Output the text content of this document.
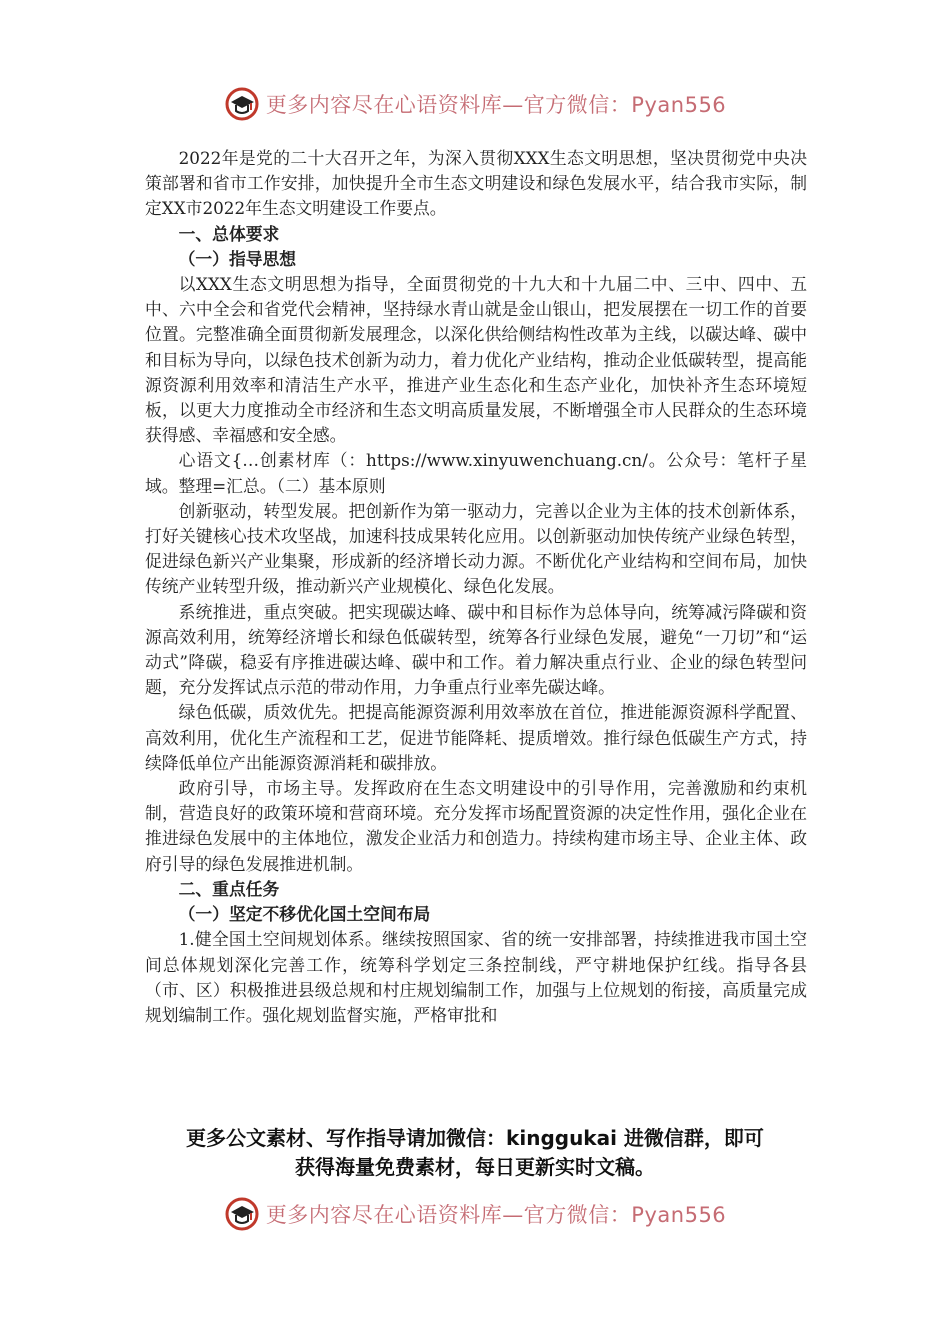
更多内容尽在心语资料库—官方微信：Pyan556

2022年是党的二十大召开之年，为深入贯彻XXX生态文明思想，坚决贯彻党中央决策部署和省市工作安排，加快提升全市生态文明建设和绿色发展水平，结合我市实际，制定XX市2022年生态文明建设工作要点。

一、总体要求

（一）指导思想

以XXX生态文明思想为指导，全面贯彻党的十九大和十九届二中、三中、四中、五中、六中全会和省党代会精神，坚持绿水青山就是金山银山，把发展摆在一切工作的首要位置。完整准确全面贯彻新发展理念，以深化供给侧结构性改革为主线，以碳达峰、碳中和目标为导向，以绿色技术创新为动力，着力优化产业结构，推动企业低碳转型，提高能源资源利用效率和清洁生产水平，推进产业生态化和生态产业化，加快补齐生态环境短板，以更大力度推动全市经济和生态文明高质量发展，不断增强全市人民群众的生态环境获得感、幸福感和安全感。

心语文{…创素材库（：https://www.xinyuwenchuang.cn/。公众号：笔杆子星域。整理=汇总。（二）基本原则

创新驱动，转型发展。把创新作为第一驱动力，完善以企业为主体的技术创新体系，打好关键核心技术攻坚战，加速科技成果转化应用。以创新驱动加快传统产业绿色转型，促进绿色新兴产业集聚，形成新的经济增长动力源。不断优化产业结构和空间布局，加快传统产业转型升级，推动新兴产业规模化、绿色化发展。

系统推进，重点突破。把实现碳达峰、碳中和目标作为总体导向，统筹减污降碳和资源高效利用，统筹经济增长和绿色低碳转型，统筹各行业绿色发展，避免“一刀切”和“运动式”降碳，稳妥有序推进碳达峰、碳中和工作。着力解决重点行业、企业的绿色转型问题，充分发挥试点示范的带动作用，力争重点行业率先碳达峰。

绿色低碳，质效优先。把提高能源资源利用效率放在首位，推进能源资源科学配置、高效利用，优化生产流程和工艺，促进节能降耗、提质增效。推行绿色低碳生产方式，持续降低单位产出能源资源消耗和碳排放。

政府引导，市场主导。发挥政府在生态文明建设中的引导作用，完善激励和约束机制，营造良好的政策环境和营商环境。充分发挥市场配置资源的决定性作用，强化企业在推进绿色发展中的主体地位，激发企业活力和创造力。持续构建市场主导、企业主体、政府引导的绿色发展推进机制。

二、重点任务

（一）坚定不移优化国土空间布局

1.健全国土空间规划体系。继续按照国家、省的统一安排部署，持续推进我市国土空间总体规划深化完善工作，统筹科学划定三条控制线，严守耕地保护红线。指导各县（市、区）积极推进县级总规和村庄规划编制工作，加强与上位规划的衔接，高质量完成规划编制工作。强化规划监督实施，严格审批和

更多公文素材、写作指导请加微信：kinggukai 进微信群，即可
获得海量免费素材，每日更新实时文稿。
更多内容尽在心语资料库—官方微信：Pyan556
